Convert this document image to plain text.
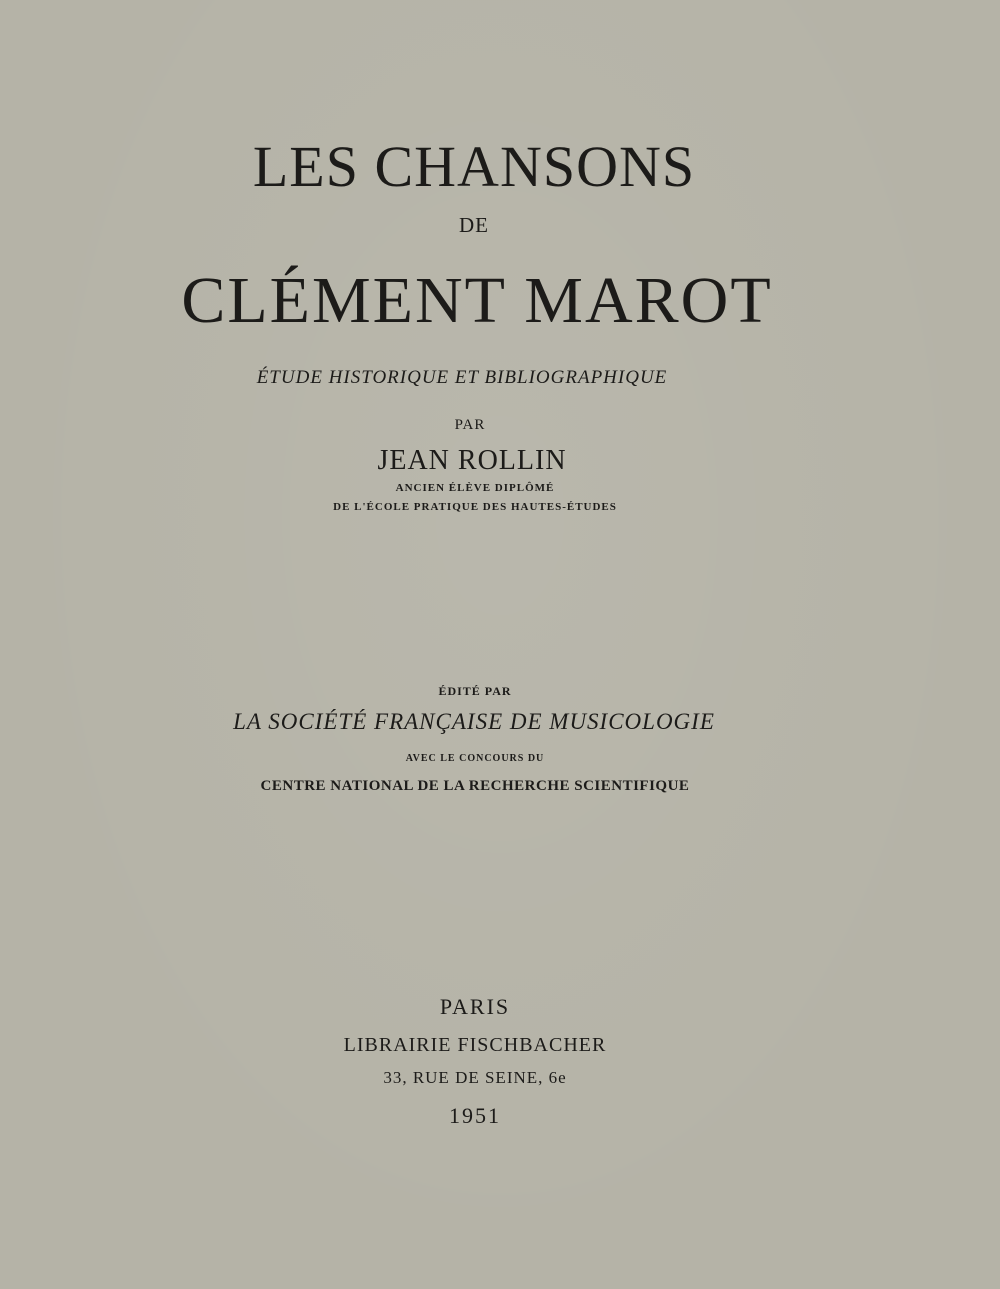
LES CHANSONS
DE
CLÉMENT MAROT
ÉTUDE HISTORIQUE ET BIBLIOGRAPHIQUE
PAR
JEAN ROLLIN
ANCIEN ÉLÈVE DIPLÔMÉ
DE L'ÉCOLE PRATIQUE DES HAUTES-ÉTUDES
ÉDITÉ PAR
LA SOCIÉTÉ FRANÇAISE DE MUSICOLOGIE
AVEC LE CONCOURS DU
CENTRE NATIONAL DE LA RECHERCHE SCIENTIFIQUE
PARIS
LIBRAIRIE FISCHBACHER
33, RUE DE SEINE, 6e
1951
